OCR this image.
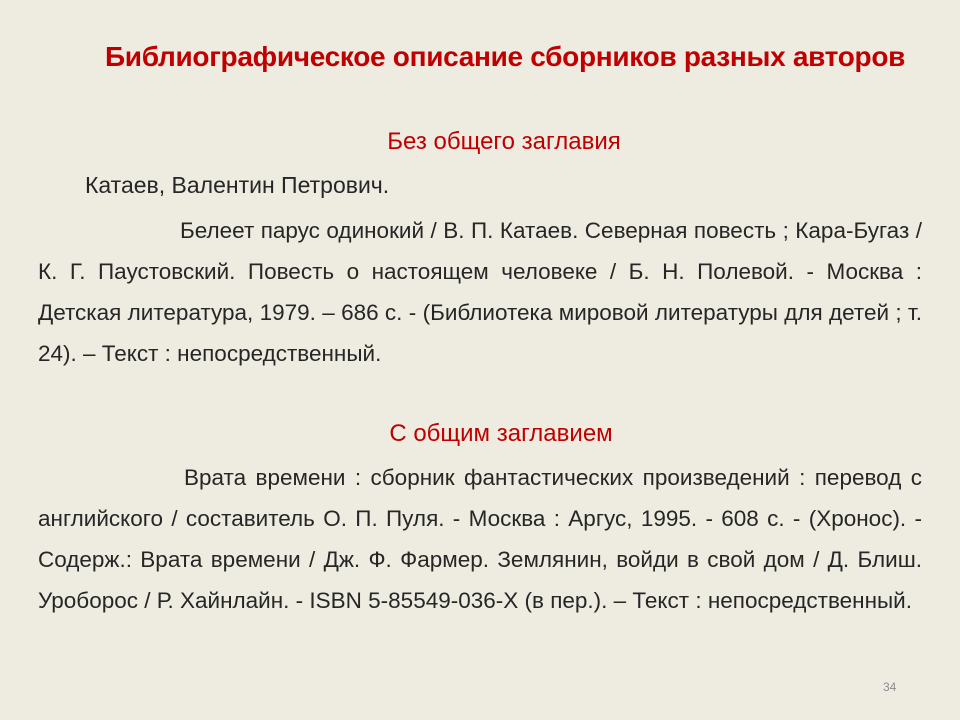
Библиографическое описание сборников разных авторов
Без общего заглавия
Катаев, Валентин Петрович.
Белеет парус одинокий / В. П. Катаев. Северная повесть ; Кара-Бугаз / К. Г. Паустовский. Повесть о настоящем человеке / Б. Н. Полевой. - Москва : Детская литература, 1979. – 686 с. - (Библиотека мировой литературы для детей ; т. 24). – Текст : непосредственный.
С общим заглавием
Врата времени : сборник фантастических произведений : перевод с английского / составитель О. П. Пуля. - Москва : Аргус, 1995. - 608 с. - (Хронос). - Содерж.: Врата времени / Дж. Ф. Фармер. Землянин, войди в свой дом / Д. Блиш. Уроборос / Р. Хайнлайн. - ISBN 5-85549-036-X (в пер.). – Текст : непосредственный.
34
